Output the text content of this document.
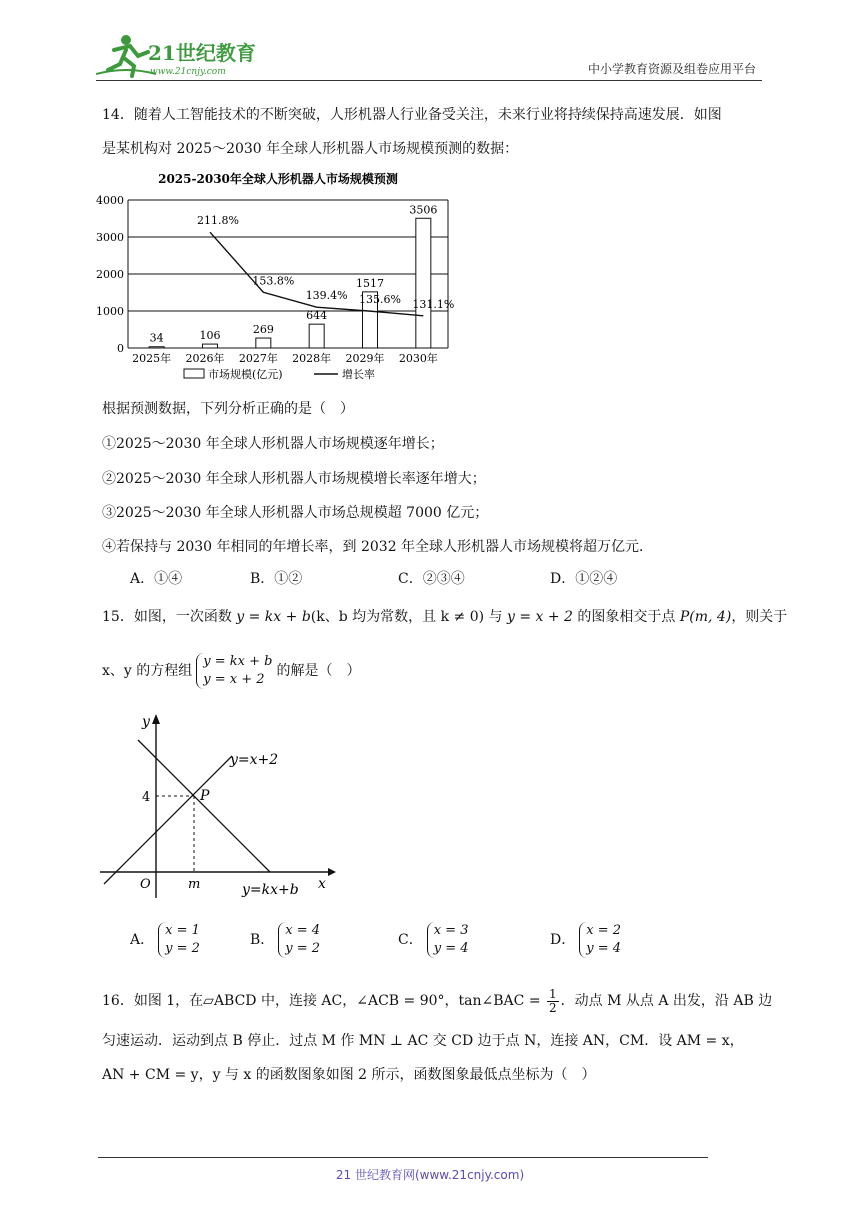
21世纪教育
www.21cnjy.com	中小学教育资源及组卷应用平台
14．随着人工智能技术的不断突破，人形机器人行业备受关注，未来行业将持续保持高速发展．如图
是某机构对 2025～2030 年全球人形机器人市场规模预测的数据：
2025-2030年全球人形机器人市场规模预测
0
1000
2000
3000
4000
34
2025年
106
2026年
269
2027年
644
2028年
1517
2029年
3506
2030年
211.8%
153.8%
139.4% 135.6% 131.1%
市场规模(亿元)	增长率
根据预测数据，下列分析正确的是（　）
①2025～2030 年全球人形机器人市场规模逐年增长；
②2025～2030 年全球人形机器人市场规模增长率逐年增大；
③2025～2030 年全球人形机器人市场总规模超 7000 亿元；
④若保持与 2030 年相同的年增长率，到 2032 年全球人形机器人市场规模将超万亿元．
A．①④	B．①②	C．②③④	D．①②④
15．如图，一次函数 y = kx + b(k、b 均为常数，且 k ≠ 0) 与 y = x + 2 的图象相交于点 P(m, 4)，则关于
x、y 的方程组
y = kx + b
y = x + 2
的解是（　）
y
x
O
4	P
m
y=x+2
y=kx+b
A．
x = 1
y = 2
B．
x = 4
y = 2
C．
x = 3
y = 4
D．
x = 2
y = 4
16．如图 1，在▱ABCD 中，连接 AC，∠ACB = 90°，tan∠BAC = $\frac{1}{2}$ ．动点 M 从点 A 出发，沿 AB 边
匀速运动．运动到点 B 停止．过点 M 作 MN ⊥ AC 交 CD 边于点 N，连接 AN，CM．设 AM = x，
AN + CM = y，y 与 x 的函数图象如图 2 所示，函数图象最低点坐标为（　）
21 世纪教育网(www.21cnjy.com)
